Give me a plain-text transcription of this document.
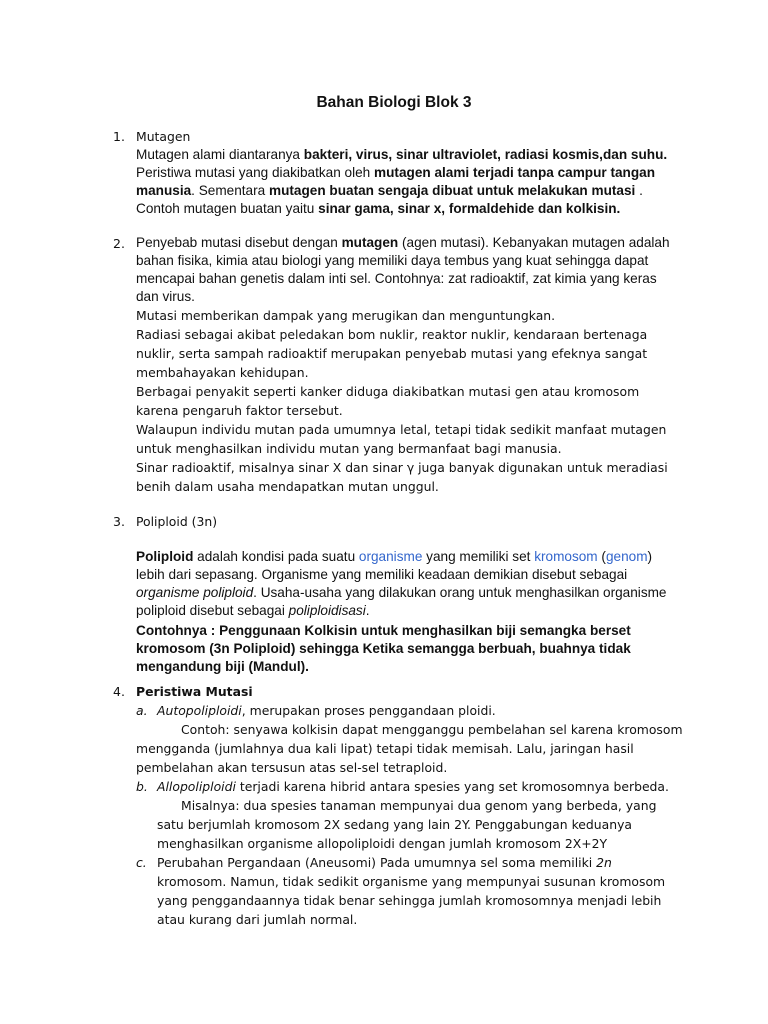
Bahan Biologi Blok 3
1. Mutagen

Mutagen alami diantaranya bakteri, virus, sinar ultraviolet, radiasi kosmis,dan suhu.

Peristiwa mutasi yang diakibatkan oleh mutagen alami terjadi tanpa campur tangan manusia. Sementara mutagen buatan sengaja dibuat untuk melakukan mutasi .

Contoh mutagen buatan yaitu sinar gama, sinar x, formaldehide dan kolkisin.

2. Penyebab mutasi disebut dengan mutagen (agen mutasi). Kebanyakan mutagen adalah bahan fisika, kimia atau biologi yang memiliki daya tembus yang kuat sehingga dapat mencapai bahan genetis dalam inti sel. Contohnya: zat radioaktif, zat kimia yang keras dan virus.

Mutasi memberikan dampak yang merugikan dan menguntungkan.

Radiasi sebagai akibat peledakan bom nuklir, reaktor nuklir, kendaraan bertenaga nuklir, serta sampah radioaktif merupakan penyebab mutasi yang efeknya sangat membahayakan kehidupan.

Berbagai penyakit seperti kanker diduga diakibatkan mutasi gen atau kromosom karena pengaruh faktor tersebut.

Walaupun individu mutan pada umumnya letal, tetapi tidak sedikit manfaat mutagen untuk menghasilkan individu mutan yang bermanfaat bagi manusia.

Sinar radioaktif, misalnya sinar X dan sinar γ juga banyak digunakan untuk meradiasi benih dalam usaha mendapatkan mutan unggul.

3. Poliploid (3n)

Poliploid adalah kondisi pada suatu organisme yang memiliki set kromosom (genom) lebih dari sepasang. Organisme yang memiliki keadaan demikian disebut sebagai organisme poliploid. Usaha-usaha yang dilakukan orang untuk menghasilkan organisme poliploid disebut sebagai poliploidisasi.

Contohnya : Penggunaan Kolkisin untuk menghasilkan biji semangka berset kromosom (3n Poliploid) sehingga Ketika semangga berbuah, buahnya tidak mengandung biji (Mandul).

4. Peristiwa Mutasi

a. Autopoliploidi, merupakan proses penggandaan ploidi.

Contoh: senyawa kolkisin dapat mengganggu pembelahan sel karena kromosom mengganda (jumlahnya dua kali lipat) tetapi tidak memisah. Lalu, jaringan hasil pembelahan akan tersusun atas sel-sel tetraploid.

b. Allopoliploidi terjadi karena hibrid antara spesies yang set kromosomnya berbeda.

Misalnya: dua spesies tanaman mempunyai dua genom yang berbeda, yang satu berjumlah kromosom 2X sedang yang lain 2Y. Penggabungan keduanya menghasilkan organisme allopoliploidi dengan jumlah kromosom 2X+2Y

c. Perubahan Pergandaan (Aneusomi) Pada umumnya sel soma memiliki 2n kromosom. Namun, tidak sedikit organisme yang mempunyai susunan kromosom yang penggandaannya tidak benar sehingga jumlah kromosomnya menjadi lebih atau kurang dari jumlah normal.
